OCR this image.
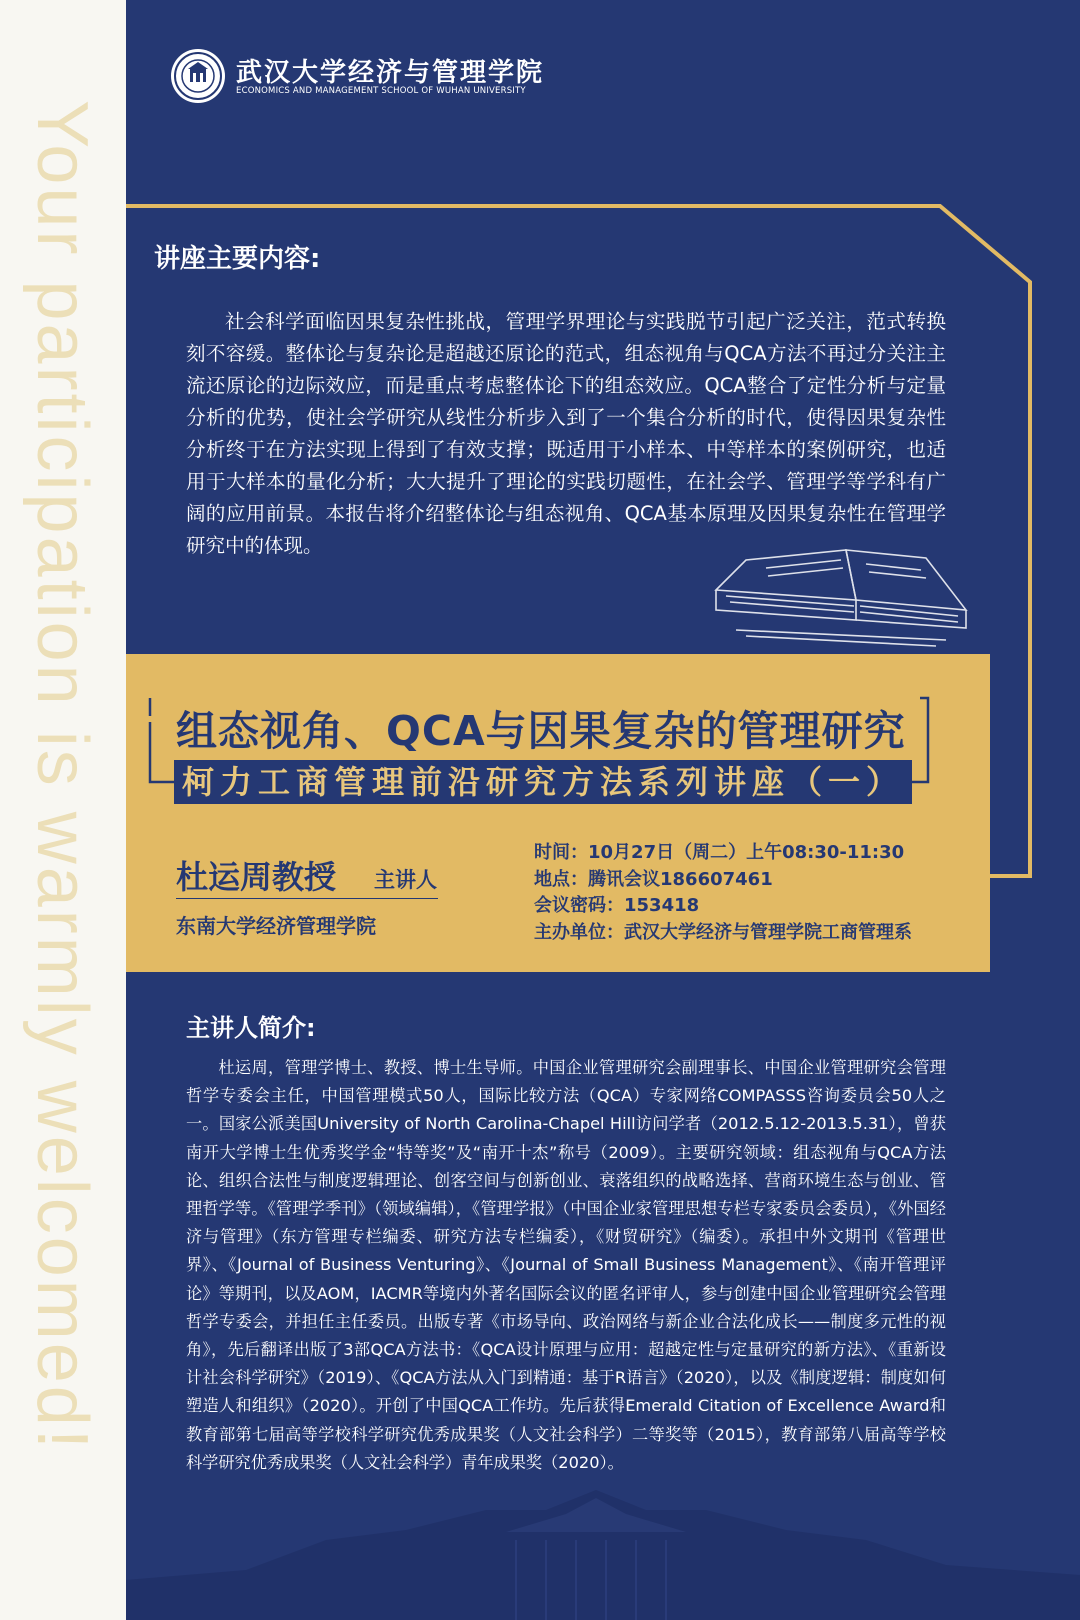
Your participation is warmly welcomed!
武汉大学经济与管理学院
ECONOMICS AND MANAGEMENT SCHOOL OF WUHAN UNIVERSITY
讲座主要内容:

社会科学面临因果复杂性挑战，管理学界理论与实践脱节引起广泛关注，范式转换刻不容缓。整体论与复杂论是超越还原论的范式，组态视角与QCA方法不再过分关注主流还原论的边际效应，而是重点考虑整体论下的组态效应。QCA整合了定性分析与定量分析的优势，使社会学研究从线性分析步入到了一个集合分析的时代，使得因果复杂性分析终于在方法实现上得到了有效支撑；既适用于小样本、中等样本的案例研究，也适用于大样本的量化分析；大大提升了理论的实践切题性，在社会学、管理学等学科有广阔的应用前景。本报告将介绍整体论与组态视角、QCA基本原理及因果复杂性在管理学研究中的体现。

组态视角、QCA与因果复杂的管理研究
柯力工商管理前沿研究方法系列讲座（一）
杜运周教授 主讲人
东南大学经济管理学院
时间：10月27日（周二）上午08:30-11:30
地点：腾讯会议186607461
会议密码：153418
主办单位：武汉大学经济与管理学院工商管理系
主讲人简介:

杜运周，管理学博士、教授、博士生导师。中国企业管理研究会副理事长、中国企业管理研究会管理哲学专委会主任，中国管理模式50人，国际比较方法（QCA）专家网络COMPASSS咨询委员会50人之一。国家公派美国University of North Carolina-Chapel Hill访问学者（2012.5.12-2013.5.31），曾获南开大学博士生优秀奖学金“特等奖”及“南开十杰”称号（2009）。主要研究领域：组态视角与QCA方法论、组织合法性与制度逻辑理论、创客空间与创新创业、衰落组织的战略选择、营商环境生态与创业、管理哲学等。《管理学季刊》（领域编辑），《管理学报》（中国企业家管理思想专栏专家委员会委员），《外国经济与管理》（东方管理专栏编委、研究方法专栏编委），《财贸研究》（编委）。承担中外文期刊《管理世界》、《Journal of Business Venturing》、《Journal of Small Business Management》、《南开管理评论》等期刊，以及AOM，IACMR等境内外著名国际会议的匿名评审人，参与创建中国企业管理研究会管理哲学专委会，并担任主任委员。出版专著《市场导向、政治网络与新企业合法化成长——制度多元性的视角》，先后翻译出版了3部QCA方法书：《QCA设计原理与应用：超越定性与定量研究的新方法》、《重新设计社会科学研究》（2019）、《QCA方法从入门到精通：基于R语言》（2020），以及《制度逻辑：制度如何塑造人和组织》（2020）。开创了中国QCA工作坊。先后获得Emerald Citation of Excellence Award和教育部第七届高等学校科学研究优秀成果奖（人文社会科学）二等奖等（2015），教育部第八届高等学校科学研究优秀成果奖（人文社会科学）青年成果奖（2020）。
